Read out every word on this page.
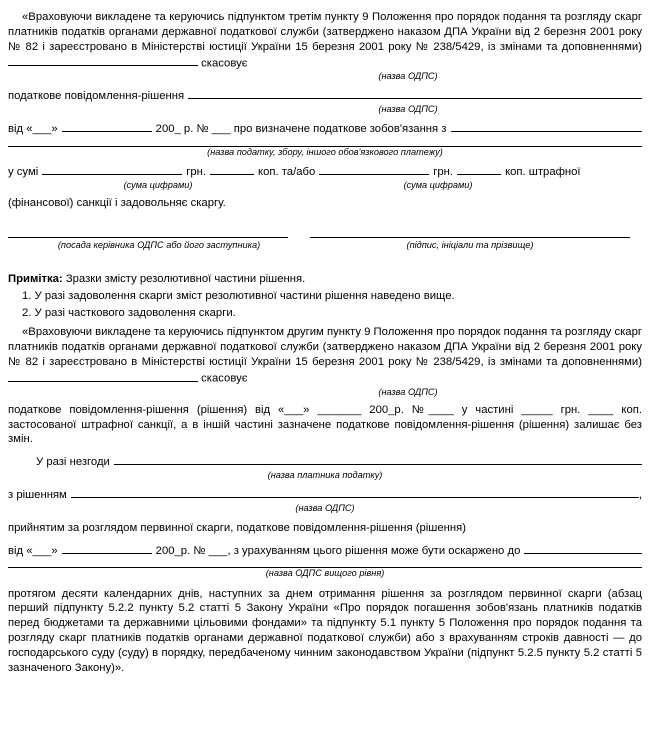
«Враховуючи викладене та керуючись підпунктом третім пункту 9 Положення про порядок подання та розгляду скарг платників податків органами державної податкової служби (затверджено наказом ДПА України від 2 березня 2001 року № 82 і зареєстровано в Міністерстві юстиції України 15 березня 2001 року № 238/5429, із змінами та доповненнями)  скасовує

(назва ОДПС)
податкове повідомлення-рішення
(назва ОДПС)
від «___»	200_ р. № ___ про визначене податкове зобов'язання з
(назва податку, збору, іншого обов'язкового платежу)
у сумі	грн.	коп. та/або	грн.	коп. штрафної
(сума цифрами)	(сума цифрами)
(фінансової) санкції і задовольняє скаргу.
(посада керівника ОДПС або його заступника)	(підпис, ініціали та прізвище)
Примітка: Зразки змісту резолютивної частини рішення.
1. У разі задоволення скарги зміст резолютивної частини рішення наведено вище.
2. У разі часткового задоволення скарги.

«Враховуючи викладене та керуючись підпунктом другим пункту 9 Положення про порядок подання та розгляду скарг платників податків органами державної податкової служби (затверджено наказом ДПА України від 2 березня 2001 року № 82 і зареєстровано в Міністерстві юстиції України 15 березня 2001 року № 238/5429, із змінами та доповненнями)  скасовує

(назва ОДПС)

податкове повідомлення-рішення (рішення) від «___» _______ 200_р. №____ у частині _____ грн. ____ коп. застосованої штрафної санкції, а в іншій частині зазначене податкове повідомлення-рішення (рішення) залишає без змін.

У разі незгоди
(назва платника податку)
з рішенням	,
(назва ОДПС)
прийнятим за розглядом первинної скарги, податкове повідомлення-рішення (рішення)
від «___»	200_р. № ___, з урахуванням цього рішення може бути оскаржено до
(назва ОДПС вищого рівня)

протягом десяти календарних днів, наступних за днем отримання рішення за розглядом первинної скарги (абзац перший підпункту 5.2.2 пункту 5.2 статті 5 Закону України «Про порядок погашення зобов'язань платників податків перед бюджетами та державними цільовими фондами» та підпункту 5.1 пункту 5 Положення про порядок подання та розгляду скарг платників податків органами державної податкової служби) або з врахуванням строків давності — до господарського суду (суду) в порядку, передбаченому чинним законодавством України (підпункт 5.2.5 пункту 5.2 статті 5 зазначеного Закону)».
